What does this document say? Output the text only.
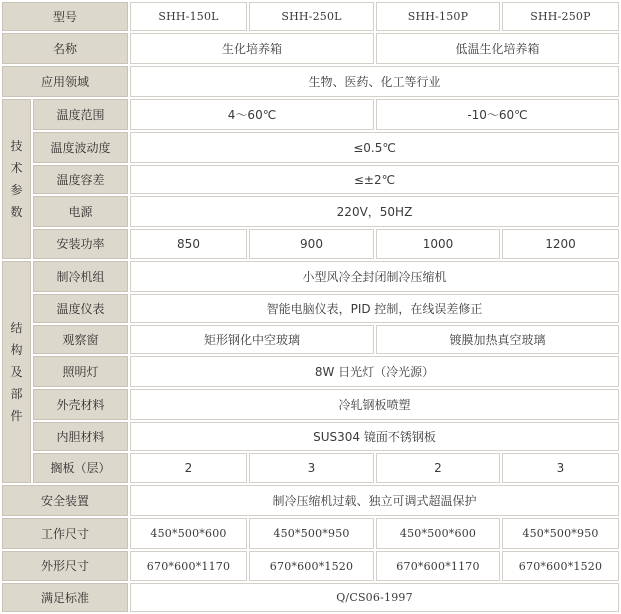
型号	SHH-150L	SHH-250L	SHH-150P	SHH-250P
名称	生化培养箱	低温生化培养箱
应用领域	生物、医药、化工等行业
技
术
参
数
温度范围	4～60℃	-10～60℃
温度波动度	≤0.5℃
温度容差	≤±2℃
电源	220V，50HZ
安装功率	850	900	1000	1200
结
构
及
部
件
制冷机组	小型风冷全封闭制冷压缩机
温度仪表	智能电脑仪表，PID 控制，在线误差修正
观察窗	矩形钢化中空玻璃	镀膜加热真空玻璃
照明灯	8W 日光灯（冷光源）
外壳材料	冷轧钢板喷塑
内胆材料	SUS304 镜面不锈钢板
搁板（层）	2	3	2	3
安全装置	制冷压缩机过载、独立可调式超温保护
工作尺寸	450*500*600	450*500*950	450*500*600	450*500*950
外形尺寸	670*600*1170	670*600*1520	670*600*1170	670*600*1520
满足标准	Q/CS06-1997
